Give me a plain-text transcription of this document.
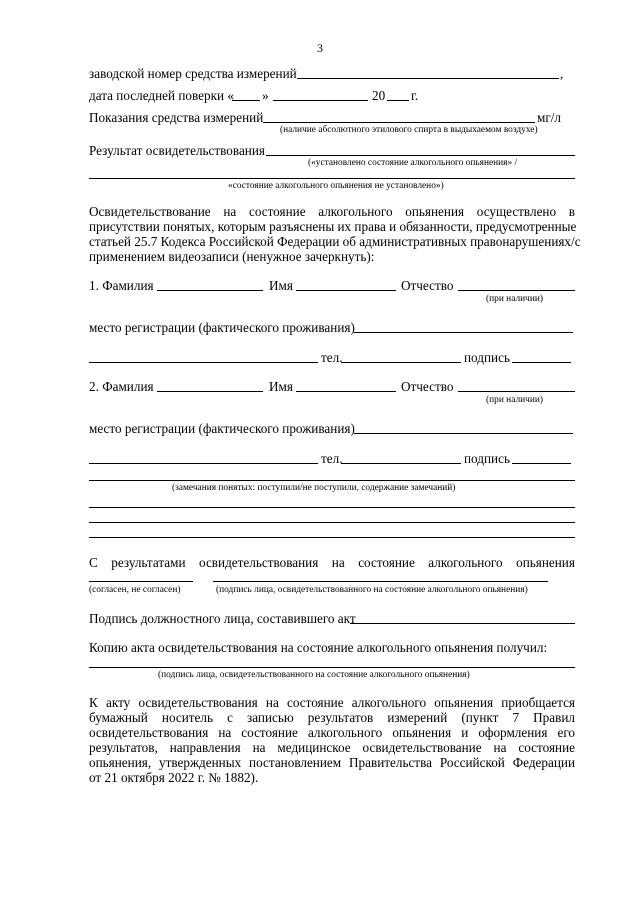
3
заводской номер средства измерений	,
дата последней поверки « »	20 г.
Показания средства измерений	мг/л
(наличие абсолютного этилового спирта в выдыхаемом воздухе)
Результат освидетельствования
(«установлено состояние алкогольного опьянения» /
«состояние алкогольного опьянения не установлено»)
Освидетельствование на состояние алкогольного опьянения осуществлено в
присутствии понятых, которым разъяснены их права и обязанности, предусмотренные
статьей 25.7 Кодекса Российской Федерации об административных правонарушениях/с
применением видеозаписи (ненужное зачеркнуть):
1. Фамилия	Имя	Отчество
(при наличии)
место регистрации (фактического проживания)
тел.	подпись
2. Фамилия	Имя	Отчество
(при наличии)
место регистрации (фактического проживания)
тел.	подпись
(замечания понятых: поступили/не поступили, содержание замечаний)
С результатами освидетельствования на состояние алкогольного опьянения
(согласен, не согласен)	(подпись лица, освидетельствованного на состояние алкогольного опьянения)
Подпись должностного лица, составившего акт
Копию акта освидетельствования на состояние алкогольного опьянения получил:
(подпись лица, освидетельствованного на состояние алкогольного опьянения)
К акту освидетельствования на состояние алкогольного опьянения приобщается
бумажный носитель с записью результатов измерений (пункт 7 Правил
освидетельствования на состояние алкогольного опьянения и оформления его
результатов, направления на медицинское освидетельствование на состояние
опьянения, утвержденных постановлением Правительства Российской Федерации
от 21 октября 2022 г. № 1882).
